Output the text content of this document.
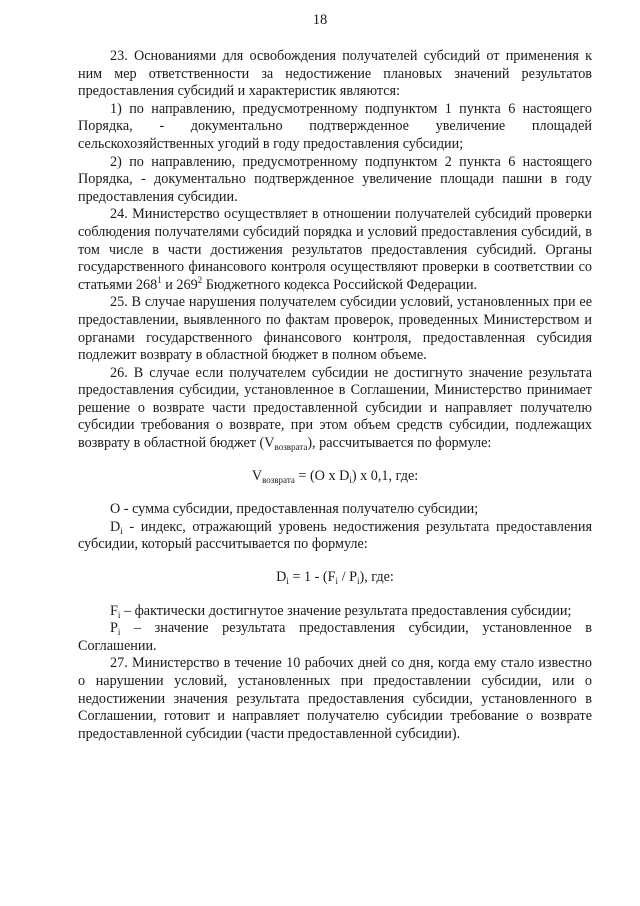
18

23. Основаниями для освобождения получателей субсидий от применения к ним мер ответственности за недостижение плановых значений результатов предоставления субсидий и характеристик являются:

1) по направлению, предусмотренному подпунктом 1 пункта 6 настоящего Порядка, - документально подтвержденное увеличение площадей сельскохозяйственных угодий в году предоставления субсидии;

2) по направлению, предусмотренному подпунктом 2 пункта 6 настоящего Порядка, - документально подтвержденное увеличение площади пашни в году предоставления субсидии.

24. Министерство осуществляет в отношении получателей субсидий проверки соблюдения получателями субсидий порядка и условий предоставления субсидий, в том числе в части достижения результатов предоставления субсидий. Органы государственного финансового контроля осуществляют проверки в соответствии со статьями $268^1$ и $269^2$ Бюджетного кодекса Российской Федерации.

25. В случае нарушения получателем субсидии условий, установленных при ее предоставлении, выявленного по фактам проверок, проведенных Министерством и органами государственного финансового контроля, предоставленная субсидия подлежит возврату в областной бюджет в полном объеме.

26. В случае если получателем субсидии не достигнуто значение результата предоставления субсидии, установленное в Соглашении, Министерство принимает решение о возврате части предоставленной субсидии и направляет получателю субсидии требования о возврате, при этом объем средств субсидии, подлежащих возврату в областной бюджет $(V_{возврата})$, рассчитывается по формуле:

$V_{возврата} = (O$ x $D_i$) x 0,1, где:

O - сумма субсидии, предоставленная получателю субсидии;

$D_i$ - индекс, отражающий уровень недостижения результата предоставления субсидии, который рассчитывается по формуле:

$D_i = 1 - (F_i / P_i)$, где:

$F_i$ – фактически достигнутое значение результата предоставления субсидии;

$P_i$ – значение результата предоставления субсидии, установленное в Соглашении.

27. Министерство в течение 10 рабочих дней со дня, когда ему стало известно о нарушении условий, установленных при предоставлении субсидии, или о недостижении значения результата предоставления субсидии, установленного в Соглашении, готовит и направляет получателю субсидии требование о возврате предоставленной субсидии (части предоставленной субсидии).
